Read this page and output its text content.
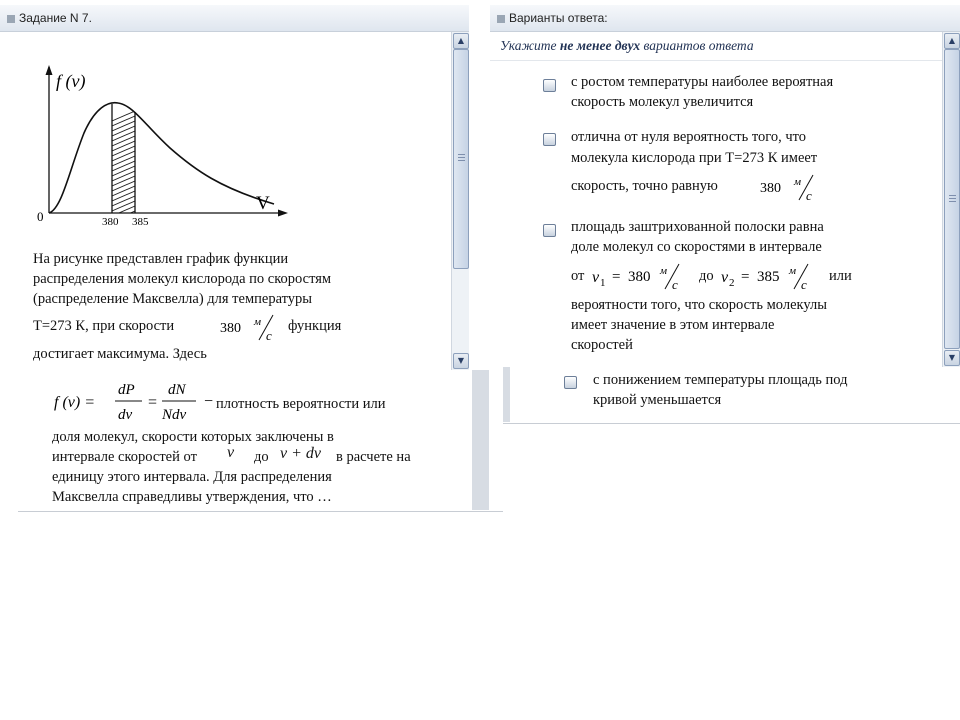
Задание N 7.
f (v)
V
0	380 385
На рисунке представлен график функции
распределения молекул кислорода по скоростям
(распределение Максвелла) для температуры
Т=273 К, при скорости	380 м
с
функция
достигает максимума. Здесь
▲
▼
f (v) =
dP
dv
=
dN
Ndv
− плотность вероятности или
доля молекул, скорости которых заключены в
интервале скоростей от v до v + dv в расчете на
единицу этого интервала. Для распределения
Максвелла справедливы утверждения, что …
Варианты ответа:
Укажите не менее двух вариантов ответа
с ростом температуры наиболее вероятная
скорость молекул увеличится
отлична от нуля вероятность того, что
молекула кислорода при Т=273 К имеет
скорость, точно равную	380 м
с
площадь заштрихованной полоски равна
доле молекул со скоростями в интервале
от v 1 = 380 м
с
до v 2 = 385 м
с
или
вероятности того, что скорость молекулы
имеет значение в этом интервале
скоростей
▲
▼
с понижением температуры площадь под
кривой уменьшается
